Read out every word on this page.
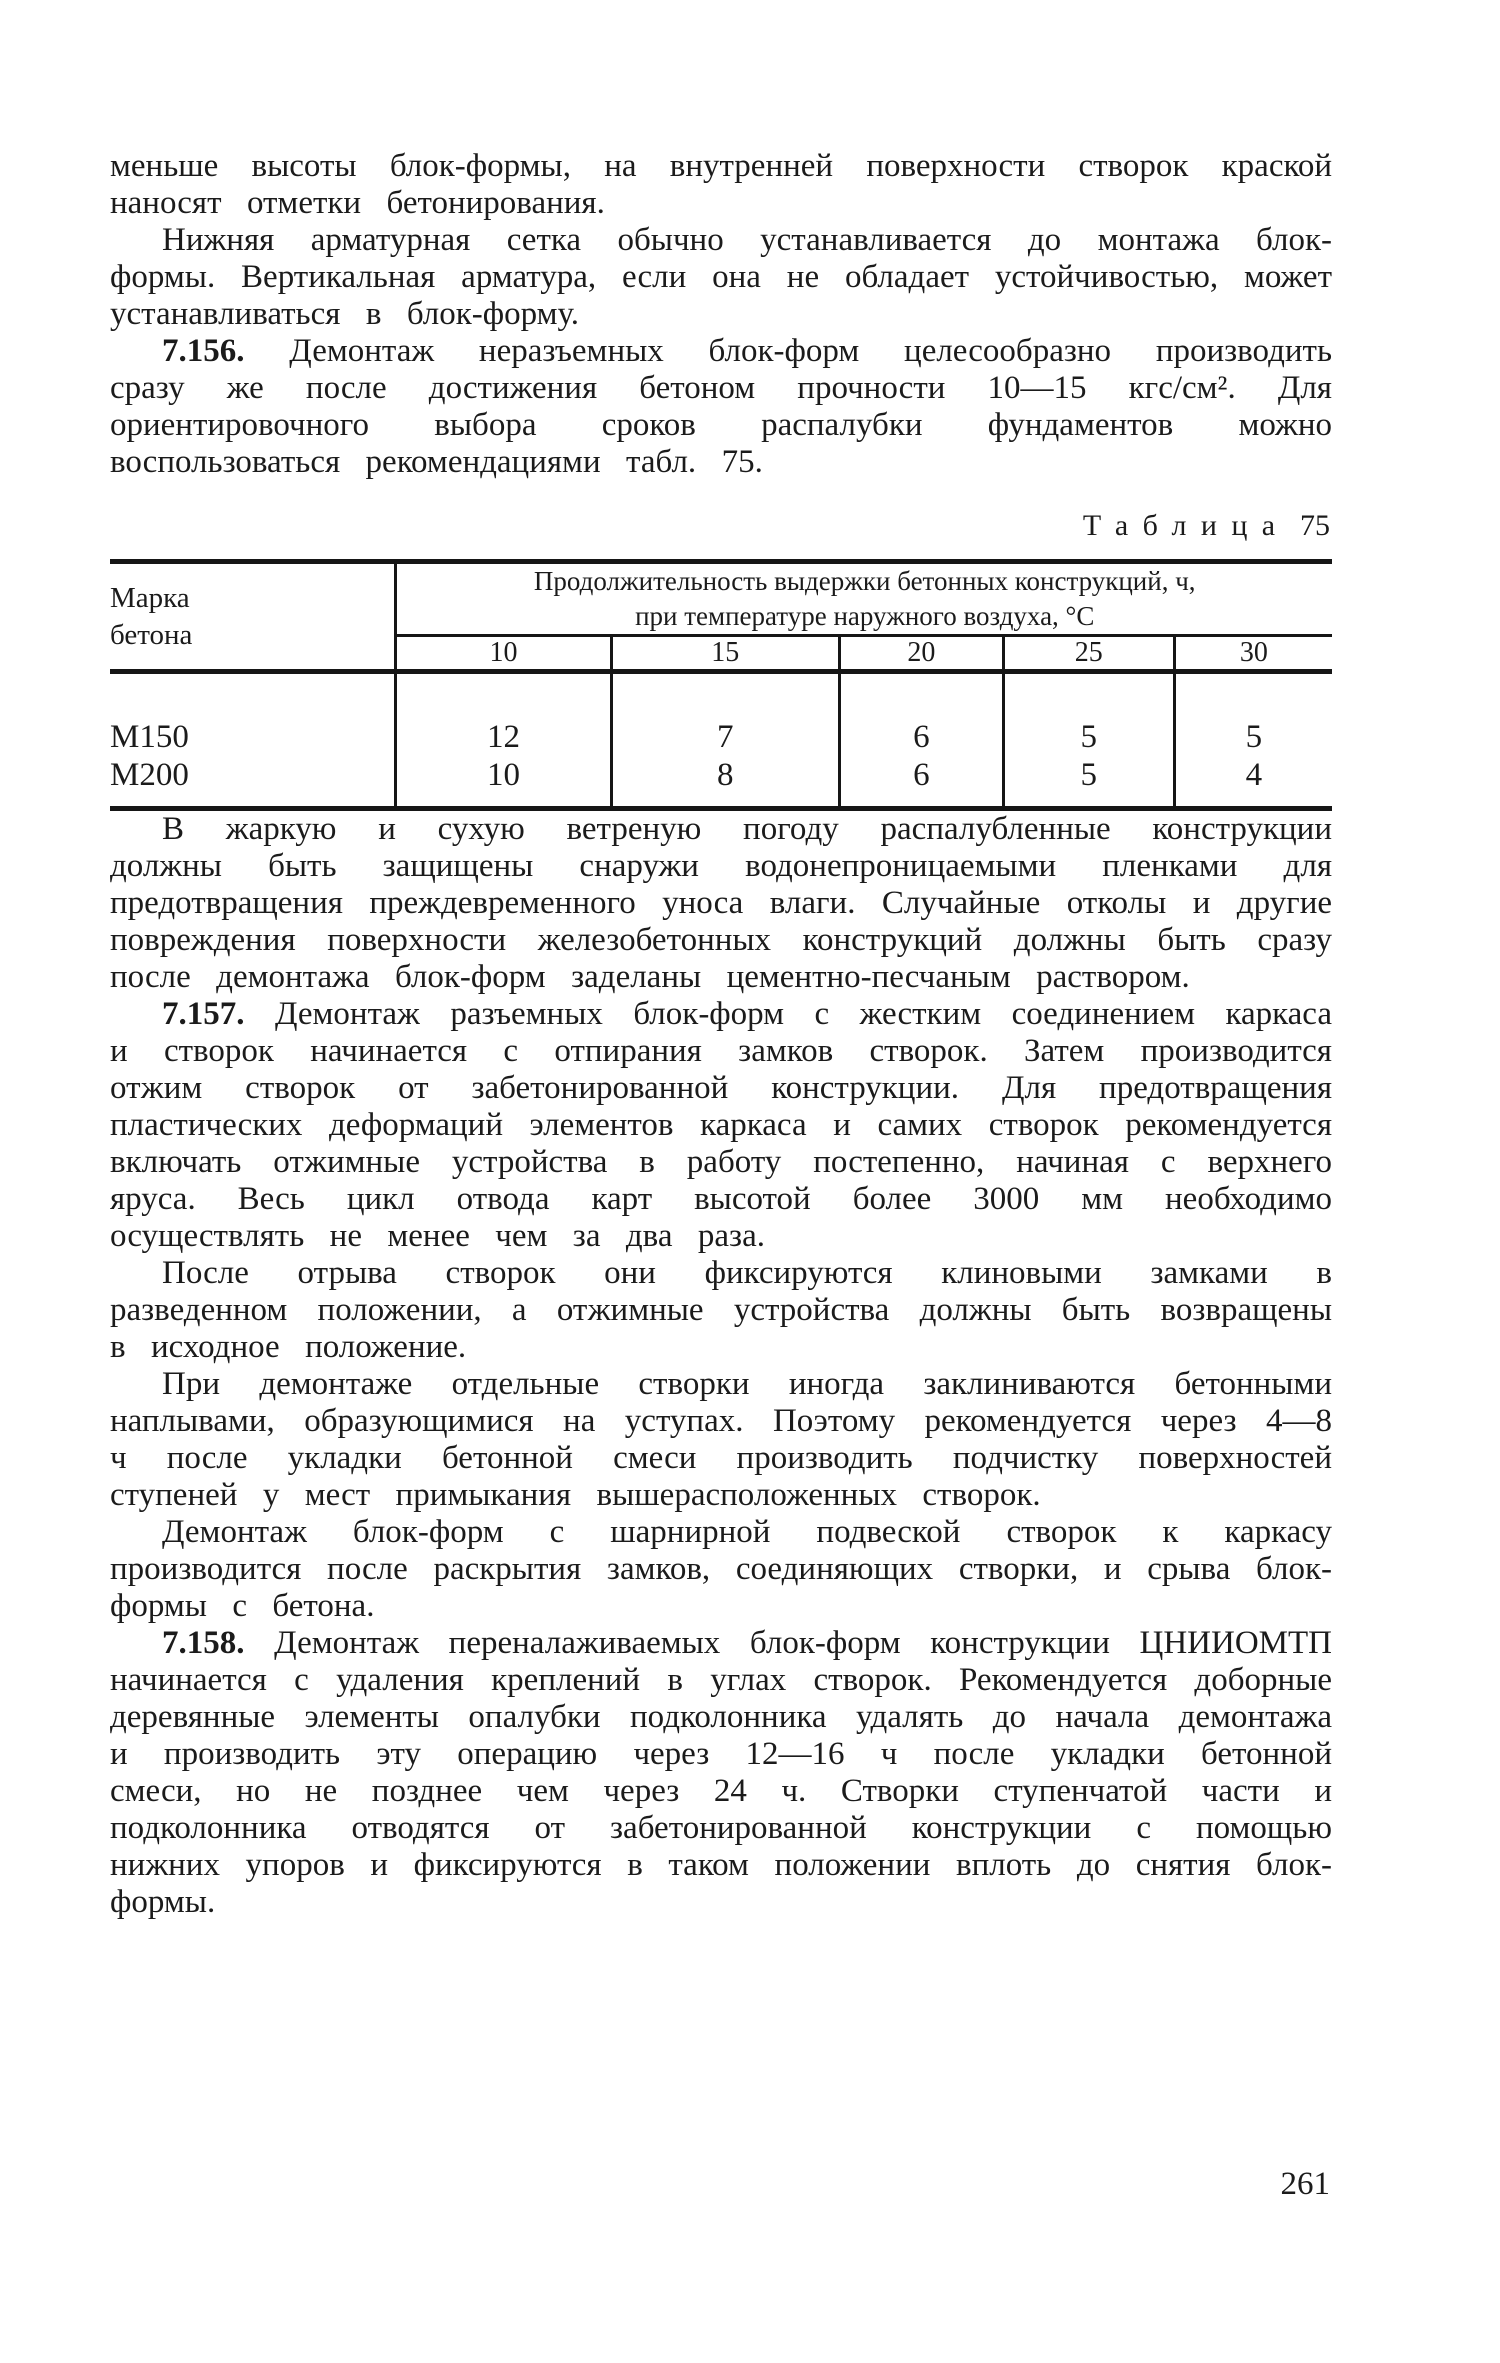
меньше высоты блок-формы, на внутренней поверхности створок краской наносят отметки бетонирования.

Нижняя арматурная сетка обычно устанавливается до монтажа блок-формы. Вертикальная арматура, если она не обладает устойчивостью, может устанавливаться в блок-форму.

7.156. Демонтаж неразъемных блок-форм целесообразно производить сразу же после достижения бетоном прочности 10—15 кгс/см². Для ориентировочного выбора сроков распалубки фундаментов можно воспользоваться рекомендациями табл. 75.

Таблица 75
Марка
бетона

Продолжительность выдержки бетонных конструкций, ч,
при температуре наружного воздуха, °С

	10	15	20	25	30
М150	12	7	6	5	5
М200	10	8	6	5	4

В жаркую и сухую ветреную погоду распалубленные конструкции должны быть защищены снаружи водонепроницаемыми пленками для предотвращения преждевременного уноса влаги. Случайные отколы и другие повреждения поверхности железобетонных конструкций должны быть сразу после демонтажа блок-форм заделаны цементно-песчаным раствором.

7.157. Демонтаж разъемных блок-форм с жестким соединением каркаса и створок начинается с отпирания замков створок. Затем производится отжим створок от забетонированной конструкции. Для предотвращения пластических деформаций элементов каркаса и самих створок рекомендуется включать отжимные устройства в работу постепенно, начиная с верхнего яруса. Весь цикл отвода карт высотой более 3000 мм необходимо осуществлять не менее чем за два раза.

После отрыва створок они фиксируются клиновыми замками в разведенном положении, а отжимные устройства должны быть возвращены в исходное положение.

При демонтаже отдельные створки иногда заклиниваются бетонными наплывами, образующимися на уступах. Поэтому рекомендуется через 4—8 ч после укладки бетонной смеси производить подчистку поверхностей ступеней у мест примыкания вышерасположенных створок.

Демонтаж блок-форм с шарнирной подвеской створок к каркасу производится после раскрытия замков, соединяющих створки, и срыва блок-формы с бетона.

7.158. Демонтаж переналаживаемых блок-форм конструкции ЦНИИОМТП начинается с удаления креплений в углах створок. Рекомендуется доборные деревянные элементы опалубки подколонника удалять до начала демонтажа и производить эту операцию через 12—16 ч после укладки бетонной смеси, но не позднее чем через 24 ч. Створки ступенчатой части и подколонника отводятся от забетонированной конструкции с помощью нижних упоров и фиксируются в таком положении вплоть до снятия блок-формы.

261
